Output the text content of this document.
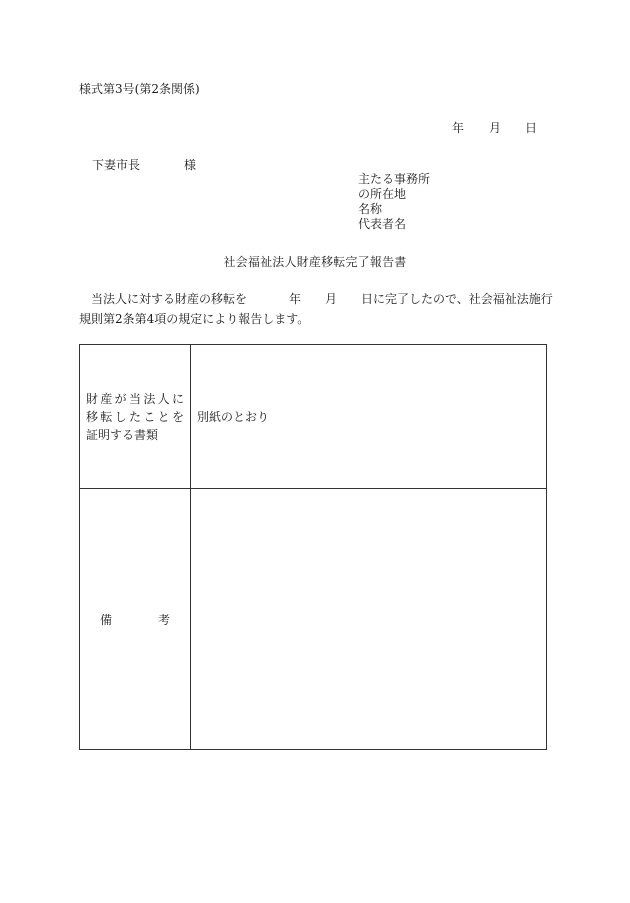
様式第3号(第2条関係)
年 月 日
下妻市長	様
主たる事務所
の所在地
名称
代表者名
社会福祉法人財産移転完了報告書
当法人に対する財産の移転を	年 月 日に完了したので、社会福祉法施行
規則第2条第4項の規定により報告します。
財産が当法人に
移転したことを
証明する書類	別紙のとおり

備 考	
